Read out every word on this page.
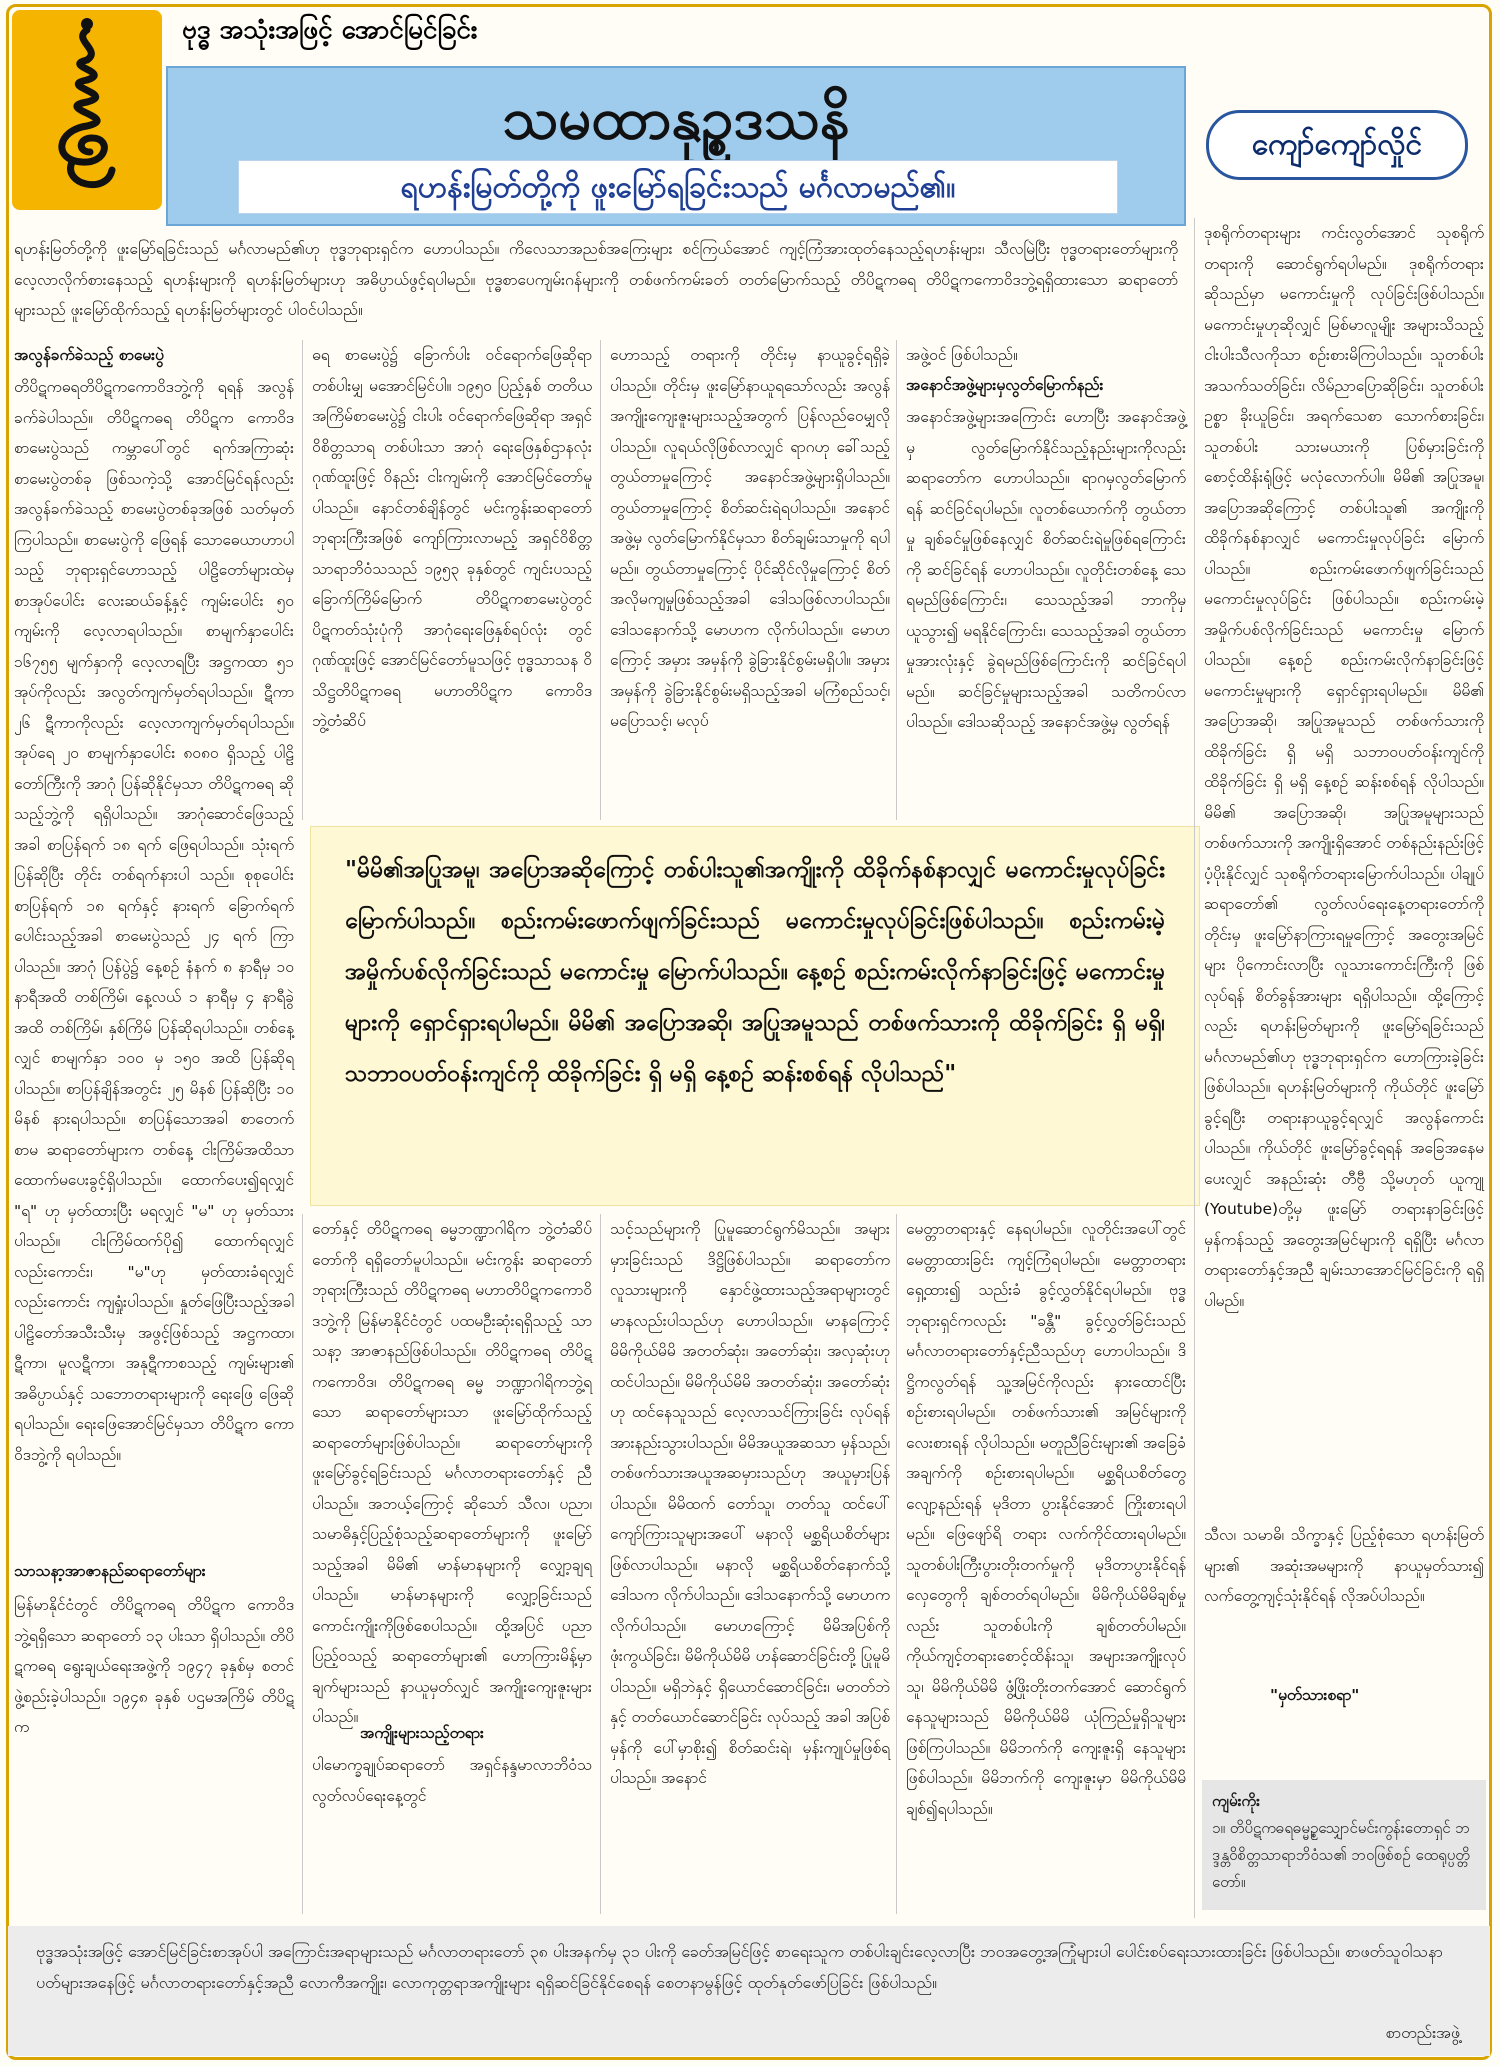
ဗုဒ္ဓ အသုံးအဖြင့် အောင်မြင်ခြင်း
သမထာနုဥ္စဒသနိ
ရဟန်းမြတ်တို့ကို ဖူးမြော်ရခြင်းသည် မင်္ဂလာမည်၏။
ကျော်ကျော်လှိုင်
ရဟန်းမြတ်တို့ကို ဖူးမြော်ရခြင်းသည် မင်္ဂလာမည်၏ဟု ဗုဒ္ဓဘုရားရှင်က ဟောပါသည်။ ကိလေသာအညစ်အကြေးများ စင်ကြယ်အောင် ကျင့်ကြံအားထုတ်နေသည့်ရဟန်းများ၊ သီလမြဲပြီး ဗုဒ္ဓတရားတော်များကို လေ့လာလိုက်စားနေသည့် ရဟန်းများကို ရဟန်းမြတ်များဟု အဓိပ္ပာယ်ဖွင့်ရပါမည်။ ဗုဒ္ဓစာပေကျမ်းဂန်များကို တစ်ဖက်ကမ်းခတ် တတ်မြောက်သည့် တိပိဋကဓရ တိပိဋကကောဝိဒဘွဲ့ရရှိထားသော ဆရာတော်များသည် ဖူးမြော်ထိုက်သည့် ရဟန်းမြတ်များတွင် ပါဝင်ပါသည်။
ဒုစရိုက်တရားများ ကင်းလွတ်အောင် သုစရိုက်တရားကို ဆောင်ရွက်ရပါမည်။ ဒုစရိုက်တရားဆိုသည်မှာ မကောင်းမှုကို လုပ်ခြင်းဖြစ်ပါသည်။ မကောင်းမှုဟုဆိုလျှင် မြစ်မာလူမျိုး အများသိသည့် ငါးပါးသီလကိုသာ စဉ်းစားမိကြပါသည်။ သူတစ်ပါး အသက်သတ်ခြင်း၊ လိမ်ညာပြောဆိုခြင်း၊ သူတစ်ပါးဥစ္စာ ခိုးယူခြင်း၊ အရက်သေစာ သောက်စားခြင်း၊ သူတစ်ပါး သားမယားကို ပြစ်မှားခြင်းကို စောင့်ထိန်းရုံဖြင့် မလုံလောက်ပါ။ မိမိ၏ အပြုအမူ၊ အပြောအဆိုကြောင့် တစ်ပါးသူ၏ အကျိုးကို ထိခိုက်နစ်နာလျှင် မကောင်းမှုလုပ်ခြင်း မြောက်ပါသည်။ စည်းကမ်းဖောက်ဖျက်ခြင်းသည် မကောင်းမှုလုပ်ခြင်း ဖြစ်ပါသည်။ စည်းကမ်းမဲ့ အမှိုက်ပစ်လိုက်ခြင်းသည် မကောင်းမှု မြောက်ပါသည်။ နေ့စဉ် စည်းကမ်းလိုက်နာခြင်းဖြင့် မကောင်းမှုများကို ရှောင်ရှားရပါမည်။ မိမိ၏ အပြောအဆို၊ အပြုအမူသည် တစ်ဖက်သားကို ထိခိုက်ခြင်း ရှိ မရှိ သဘာဝပတ်ဝန်းကျင်ကို ထိခိုက်ခြင်း ရှိ မရှိ နေ့စဉ် ဆန်းစစ်ရန် လိုပါသည်။ မိမိ၏ အပြောအဆို၊ အပြုအမူများသည် တစ်ဖက်သားကို အကျိုးရှိအောင် တစ်နည်းနည်းဖြင့် ပံ့ပိုးနိုင်လျှင် သုစရိုက်တရားမြောက်ပါသည်။ ပါချုပ်ဆရာတော်၏ လွတ်လပ်ရေးနေ့တရားတော်ကို တိုင်းမှ ဖူးမြော်နာကြားရမှုကြောင့် အတွေးအမြင်များ ပိုကောင်းလာပြီး လူသားကောင်းကြီးကို ဖြစ်လုပ်ရန် စိတ်ခွန်အားများ ရရှိပါသည်။ ထို့ကြောင့်လည်း ရဟန်းမြတ်များကို ဖူးမြော်ရခြင်းသည် မင်္ဂလာမည်၏ဟု ဗုဒ္ဓဘုရားရှင်က ဟောကြားခဲ့ခြင်း ဖြစ်ပါသည်။ ရဟန်းမြတ်များကို ကိုယ်တိုင် ဖူးမြော်ခွင့်ရပြီး တရားနာယူခွင့်ရလျှင် အလွန်ကောင်းပါသည်။ ကိုယ်တိုင် ဖူးမြော်ခွင့်ရရန် အခြေအနေမပေးလျှင် အနည်းဆုံး တီဗွီ သို့မဟုတ် ယူကျု (Youtube)တို့မှ ဖူးမြော် တရားနာခြင်းဖြင့် မှန်ကန်သည့် အတွေးအမြင်များကို ရရှိပြီး မင်္ဂလာတရားတော်နှင့်အညီ ချမ်းသာအောင်မြင်ခြင်းကို ရရှိပါမည်။
"မှတ်သားစရာ"
သီလ၊ သမာဓိ၊ သိက္ခာနှင့် ပြည့်စုံသော ရဟန်းမြတ်များ၏ အဆုံးအမများကို နာယူမှတ်သား၍ လက်တွေ့ကျင့်သုံးနိုင်ရန် လိုအပ်ပါသည်။
အလွန်ခက်ခဲသည့် စာမေးပွဲ
တိပိဋကဓရတိပိဋကကောဝိဒဘွဲ့ကို ရရန် အလွန်ခက်ခဲပါသည်။ တိပိဋကဓရ တိပိဋက ကောဝိဒ စာမေးပွဲသည် ကမ္ဘာပေါ်တွင် ရက်အကြာဆုံးစာမေးပွဲတစ်ခု ဖြစ်သကဲ့သို့ အောင်မြင်ရန်လည်း အလွန်ခက်ခဲသည့် စာမေးပွဲတစ်ခုအဖြစ် သတ်မှတ်ကြပါသည်။ စာမေးပွဲကို ဖြေရန် သောဓေယာဟာပါသည့် ဘုရားရှင်ဟောသည့် ပါဠိတော်များထဲမှ စာအုပ်ပေါင်း လေးဆယ်ခန့်နှင့် ကျမ်းပေါင်း ၅၀ ကျမ်းကို လေ့လာရပါသည်။ စာမျက်နှာပေါင်း ၁၆၇၅၅ မျက်နှာကို လေ့လာရပြီး အဋ္ဌကထာ ၅၁ အုပ်ကိုလည်း အလွတ်ကျက်မှတ်ရပါသည်။ ဋီကာ ၂၆ ဋီကာကိုလည်း လေ့လာကျက်မှတ်ရပါသည်။ အုပ်ရေ ၂၀ စာမျက်နှာပေါင်း ၈၀၈၀ ရှိသည့် ပါဠိတော်ကြီးကို အာဂုံ ပြန်ဆိုနိုင်မှသာ တိပိဋကဓရ ဆိုသည့်ဘွဲ့ကို ရရှိပါသည်။ အာဂုံဆောင်ဖြေသည့် အခါ စာပြန်ရက် ၁၈ ရက် ဖြေရပါသည်။ သုံးရက် ပြန်ဆိုပြီး တိုင်း တစ်ရက်နားပါ သည်။ စုစုပေါင်း စာပြန်ရက် ၁၈ ရက်နှင့် နားရက် ခြောက်ရက် ပေါင်းသည့်အခါ စာမေးပွဲသည် ၂၄ ရက် ကြာပါသည်။ အာဂုံ ပြန်ပွဲ၌ နေ့စဉ် နံနက် ၈ နာရီမှ ၁၀ နာရီအထိ တစ်ကြိမ်၊ နေ့လယ် ၁ နာရီမှ ၄ နာရီခွဲအထိ တစ်ကြိမ်၊ နှစ်ကြိမ် ပြန်ဆိုရပါသည်။ တစ်နေ့လျှင် စာမျက်နှာ ၁၀၀ မှ ၁၅၀ အထိ ပြန်ဆိုရပါသည်။ စာပြန်ချိန်အတွင်း ၂၅ မိနစ် ပြန်ဆိုပြီး ၁၀ မိနစ် နားရပါသည်။ စာပြန်သောအခါ စာတေက်စာမ ဆရာတော်များက တစ်နေ့ ငါးကြိမ်အထိသာ ထောက်မပေးခွင့်ရှိပါသည်။ ထောက်ပေး၍ရလျှင် "ရ" ဟု မှတ်ထားပြီး မရလျှင် "မ" ဟု မှတ်သားပါသည်။ ငါးကြိမ်ထက်ပို၍ ထောက်ရလျှင်လည်းကောင်း၊ "မ"ဟု မှတ်ထားခံရလျှင် လည်းကောင်း ကျရှုံးပါသည်။ နှုတ်ဖြေပြီးသည့်အခါ ပါဠိတော်အသီးသီးမှ အဖွင့်ဖြစ်သည့် အဋ္ဌကထာ၊ ဋီကာ၊ မူလဋီကာ၊ အနုဋီကာစသည့် ကျမ်းများ၏ အဓိပ္ပာယ်နှင့် သဘောတရားများကို ရေးဖြေ ဖြေဆိုရပါသည်။ ရေးဖြေအောင်မြင်မှသာ တိပိဋက ကောဝိဒဘွဲ့ကို ရပါသည်။
သာသနာ့အာဇာနည်ဆရာတော်များ
မြန်မာနိုင်ငံတွင် တိပိဋကဓရ တိပိဋက ကောဝိဒ ဘွဲ့ရရှိသော ဆရာတော် ၁၃ ပါးသာ ရှိပါသည်။ တိပိဋကဓရ ရွေးချယ်ရေးအဖွဲ့ကို ၁၉၄၇ ခုနှစ်မှ စတင်ဖွဲ့စည်းခဲ့ပါသည်။ ၁၉၄၈ ခုနှစ် ပဌမအကြိမ် တိပိဋက
ဓရ စာမေးပွဲ၌ ခြောက်ပါး ဝင်ရောက်ဖြေဆိုရာ တစ်ပါးမျှ မအောင်မြင်ပါ။ ၁၉၅၀ ပြည့်နှစ် တတိယ အကြိမ်စာမေးပွဲ၌ ငါးပါး ဝင်ရောက်ဖြေဆိုရာ အရှင်ဝိစိတ္တသာရ တစ်ပါးသာ အာဂုံ ရေးဖြေနှစ်ဌာနလုံး ဂုဏ်ထူးဖြင့် ဝိနည်း ငါးကျမ်းကို အောင်မြင်တော်မူပါသည်။ နောင်တစ်ချိန်တွင် မင်းကွန်းဆရာတော် ဘုရားကြီးအဖြစ် ကျော်ကြားလာမည့် အရှင်ဝိစိတ္တသာရာဘိဝံသသည် ၁၉၅၃ ခုနှစ်တွင် ကျင်းပသည့် ခြောက်ကြိမ်မြောက် တိပိဋကစာမေးပွဲတွင် ပိဋကတ်သုံးပုံကို အာဂုံရေးဖြေနှစ်ရပ်လုံး တွင် ဂုဏ်ထူးဖြင့် အောင်မြင်တော်မူသဖြင့် ဗုဒ္ဓသာသန ဝိသိဋ္ဌတိပိဋကဓရ မဟာတိပိဋက ကောဝိဒ ဘွဲ့တံဆိပ်
ဟောသည့် တရားကို တိုင်းမှ နာယူခွင့်ရရှိခဲ့ပါသည်။ တိုင်းမှ ဖူးမြော်နာယူရသော်လည်း အလွန်အကျိုးကျေးဇူးများသည့်အတွက် ပြန်လည်ဝေမျှလိုပါသည်။ လူရယ်လိုဖြစ်လာလျှင် ရာဂဟု ခေါ်သည့် တွယ်တာမှုကြောင့် အနောင်အဖွဲ့များရှိပါသည်။ တွယ်တာမှုကြောင့် စိတ်ဆင်းရဲရပါသည်။ အနောင်အဖွဲ့မှ လွတ်မြောက်နိုင်မှသာ စိတ်ချမ်းသာမှုကို ရပါမည်။ တွယ်တာမှုကြောင့် ပိုင်ဆိုင်လိုမှုကြောင့် စိတ်အလိုမကျမှုဖြစ်သည့်အခါ ဒေါသဖြစ်လာပါသည်။ ဒေါသနောက်သို့ မောဟက လိုက်ပါသည်။ မောဟကြောင့် အမှား အမှန်ကို ခွဲခြားနိုင်စွမ်းမရှိပါ။ အမှား အမှန်ကို ခွဲခြားနိုင်စွမ်းမရှိသည့်အခါ မကြံစည်သင့်၊ မပြောသင့်၊ မလုပ်
အဖွဲ့ဝင် ဖြစ်ပါသည်။
အနောင်အဖွဲ့များမှလွတ်မြောက်နည်း
အနောင်အဖွဲ့များအကြောင်း ဟောပြီး အနောင်အဖွဲ့မှ လွတ်မြောက်နိုင်သည့်နည်းများကိုလည်း ဆရာတော်က ဟောပါသည်။ ရာဂမှလွတ်မြောက်ရန် ဆင်ခြင်ရပါမည်။ လူတစ်ယောက်ကို တွယ်တာမှု ချစ်ခင်မှုဖြစ်နေလျှင် စိတ်ဆင်းရဲမှုဖြစ်ရကြောင်းကို ဆင်ခြင်ရန် ဟောပါသည်။ လူတိုင်းတစ်နေ့ သေရမည်ဖြစ်ကြောင်း၊ သေသည့်အခါ ဘာကိုမှယူသွား၍ မရနိုင်ကြောင်း၊ သေသည့်အခါ တွယ်တာမှုအားလုံးနှင့် ခွဲရမည်ဖြစ်ကြောင်းကို ဆင်ခြင်ရပါမည်။ ဆင်ခြင်မှုများသည့်အခါ သတိကပ်လာပါသည်။ ဒေါသဆိုသည့် အနောင်အဖွဲ့မှ လွတ်ရန်
"မိမိ၏အပြုအမူ၊ အပြောအဆိုကြောင့် တစ်ပါးသူ၏အကျိုးကို ထိခိုက်နစ်နာလျှင် မကောင်းမှုလုပ်ခြင်း မြောက်ပါသည်။ စည်းကမ်းဖောက်ဖျက်ခြင်းသည် မကောင်းမှုလုပ်ခြင်းဖြစ်ပါသည်။ စည်းကမ်းမဲ့ အမှိုက်ပစ်လိုက်ခြင်းသည် မကောင်းမှု မြောက်ပါသည်။ နေ့စဉ် စည်းကမ်းလိုက်နာခြင်းဖြင့် မကောင်းမှုများကို ရှောင်ရှားရပါမည်။ မိမိ၏ အပြောအဆို၊ အပြုအမူသည် တစ်ဖက်သားကို ထိခိုက်ခြင်း ရှိ မရှိ၊ သဘာဝပတ်ဝန်းကျင်ကို ထိခိုက်ခြင်း ရှိ မရှိ နေ့စဉ် ဆန်းစစ်ရန် လိုပါသည်"
တော်နှင့် တိပိဋကဓရ ဓမ္မဘဏ္ဍာဂါရိက ဘွဲ့တံဆိပ်တော်ကို ရရှိတော်မူပါသည်။ မင်းကွန်း ဆရာတော်ဘုရားကြီးသည် တိပိဋကဓရ မဟာတိပိဋကကောဝိဒဘွဲ့ကို မြန်မာနိုင်ငံတွင် ပထမဦးဆုံးရရှိသည့် သာသနာ့ အာဇာနည်ဖြစ်ပါသည်။ တိပိဋကဓရ တိပိဋကကောဝိဒ၊ တိပိဋကဓရ ဓမ္မ ဘဏ္ဍာဂါရိကဘွဲ့ရသော ဆရာတော်များသာ ဖူးမြော်ထိုက်သည့် ဆရာတော်များဖြစ်ပါသည်။ ဆရာတော်များကို ဖူးမြော်ခွင့်ရခြင်းသည် မင်္ဂလာတရားတော်နှင့် ညီပါသည်။ အဘယ့်ကြောင့် ဆိုသော် သီလ၊ ပညာ၊ သမာဓိနှင့်ပြည့်စုံသည့်ဆရာတော်များကို ဖူးမြော်သည့်အခါ မိမိ၏ မာန်မာနများကို လျှော့ချရပါသည်။ မာန်မာနများကို လျှော့ခြင်းသည် ကောင်းကျိုးကိုဖြစ်စေပါသည်။ ထို့အပြင် ပညာပြည့်ဝသည့် ဆရာတော်များ၏ ဟောကြားမိန့်မှာချက်များသည် နာယူမှတ်လျှင် အကျိုးကျေးဇူးများပါသည်။
အကျိုးများသည့်တရား
ပါမောက္ခချုပ်ဆရာတော် အရှင်နန္ဒမာလာဘိဝံသ လွတ်လပ်ရေးနေ့တွင်
သင့်သည်များကို ပြုမူဆောင်ရွက်မိသည်။ အများမှားခြင်းသည် ဒိဋ္ဌိဖြစ်ပါသည်။ ဆရာတော်က လူသားများကို နှောင်ဖွဲ့ထားသည့်အရာများတွင် မာနလည်းပါသည်ဟု ဟောပါသည်။ မာနကြောင့် မိမိကိုယ်မိမိ အတတ်ဆုံး၊ အတော်ဆုံး၊ အလှဆုံးဟု ထင်ပါသည်။ မိမိကိုယ်မိမိ အတတ်ဆုံး၊ အတော်ဆုံးဟု ထင်နေသူသည် လေ့လာသင်ကြားခြင်း လုပ်ရန် အားနည်းသွားပါသည်။ မိမိအယူအဆသာ မှန်သည်၊ တစ်ဖက်သားအယူအဆမှားသည်ဟု အယူမှားပြန်ပါသည်။ မိမိထက် တော်သူ၊ တတ်သူ ထင်ပေါ်ကျော်ကြားသူများအပေါ် မနာလို မစ္ဆရိယစိတ်များ ဖြစ်လာပါသည်။ မနာလို မစ္ဆရိယစိတ်နောက်သို့ ဒေါသက လိုက်ပါသည်။ ဒေါသနောက်သို့ မောဟက လိုက်ပါသည်။ မောဟကြောင့် မိမိအပြစ်ကို ဖုံးကွယ်ခြင်း၊ မိမိကိုယ်မိမိ ဟန်ဆောင်ခြင်းတို့ ပြုမူမိပါသည်။ မရှိဘဲနှင့် ရှိယောင်ဆောင်ခြင်း၊ မတတ်ဘဲနှင့် တတ်ယောင်ဆောင်ခြင်း လုပ်သည့် အခါ အပြစ်မှန်ကို ပေါ်မှာစိုး၍ စိတ်ဆင်းရဲ၊ မှန်းကျုပ်မှုဖြစ်ရပါသည်။ အနောင်
မေတ္တာတရားနှင့် နေရပါမည်။ လူတိုင်းအပေါ်တွင် မေတ္တာထားခြင်း ကျင့်ကြံရပါမည်။ မေတ္တာတရားရှေ့ထား၍ သည်းခံ ခွင့်လွှတ်နိုင်ရပါမည်။ ဗုဒ္ဓဘုရားရှင်ကလည်း "ခန္တီ" ခွင့်လွှတ်ခြင်းသည် မင်္ဂလာတရားတော်နှင့်ညီသည်ဟု ဟောပါသည်။ ဒိဋ္ဌိကလွတ်ရန် သူ့အမြင်ကိုလည်း နားထောင်ပြီး စဉ်းစားရပါမည်။ တစ်ဖက်သား၏ အမြင်များကို လေးစားရန် လိုပါသည်။ မတူညီခြင်းများ၏ အခြေခံအချက်ကို စဉ်းစားရပါမည်။ မစ္ဆရိယစိတ်တွေ လျော့နည်းရန် မုဒိတာ ပွားနိုင်အောင် ကြိုးစားရပါမည်။ ဖြေဖျော်ရိ တရား လက်ကိုင်ထားရပါမည်။ သူတစ်ပါးကြီးပွားတိုးတက်မှုကို မုဒိတာပွားနိုင်ရန် လှေတွေကို ချစ်တတ်ရပါမည်။ မိမိကိုယ်မိမိချစ်မှုလည်း သူတစ်ပါးကို ချစ်တတ်ပါမည်။ ကိုယ်ကျင့်တရားစောင့်ထိန်းသူ၊ အများအကျိုးလုပ်သူ၊ မိမိကိုယ်မိမိ ဖွံ့ဖြိုးတိုးတက်အောင် ဆောင်ရွက်နေသူများသည် မိမိကိုယ်မိမိ ယုံကြည်မှုရှိသူများ ဖြစ်ကြပါသည်။ မိမိဘက်ကို ကျေးဇူးရှိ နေသူများ ဖြစ်ပါသည်။ မိမိဘက်ကို ကျေးဇူးမှာ မိမိကိုယ်မိမိ ချစ်၍ရပါသည်။	ကျမ်းကိုး
၁။ တိပိဋကဓရဓမ္မဥ္စသျှောင်မင်းကွန်းတောရှင် ဘဒ္ဒန္တဝိစိတ္တသာရာဘိဝံသ၏ ဘဝဖြစ်စဉ် ထေရုပ္ပတ္တိတော်။
ဗုဒ္ဓအသုံးအဖြင့် အောင်မြင်ခြင်းစာအုပ်ပါ အကြောင်းအရာများသည် မင်္ဂလာတရားတော် ၃၈ ပါးအနက်မှ ၃၁ ပါးကို ခေတ်အမြင်ဖြင့် စာရေးသူက တစ်ပါးချင်းလေ့လာပြီး ဘဝအတွေ့အကြုံများပါ ပေါင်းစပ်ရေးသားထားခြင်း ဖြစ်ပါသည်။ စာဖတ်သူဝါသနာပတ်များအနေဖြင့် မင်္ဂလာတရားတော်နှင့်အညီ လောကီအကျိုး၊ လောကုတ္တရာအကျိုးများ ရရှိဆင်ခြင်နိုင်စေရန် စေတနာမွန်ဖြင့် ထုတ်နုတ်ဖော်ပြခြင်း ဖြစ်ပါသည်။
စာတည်းအဖွဲ့
